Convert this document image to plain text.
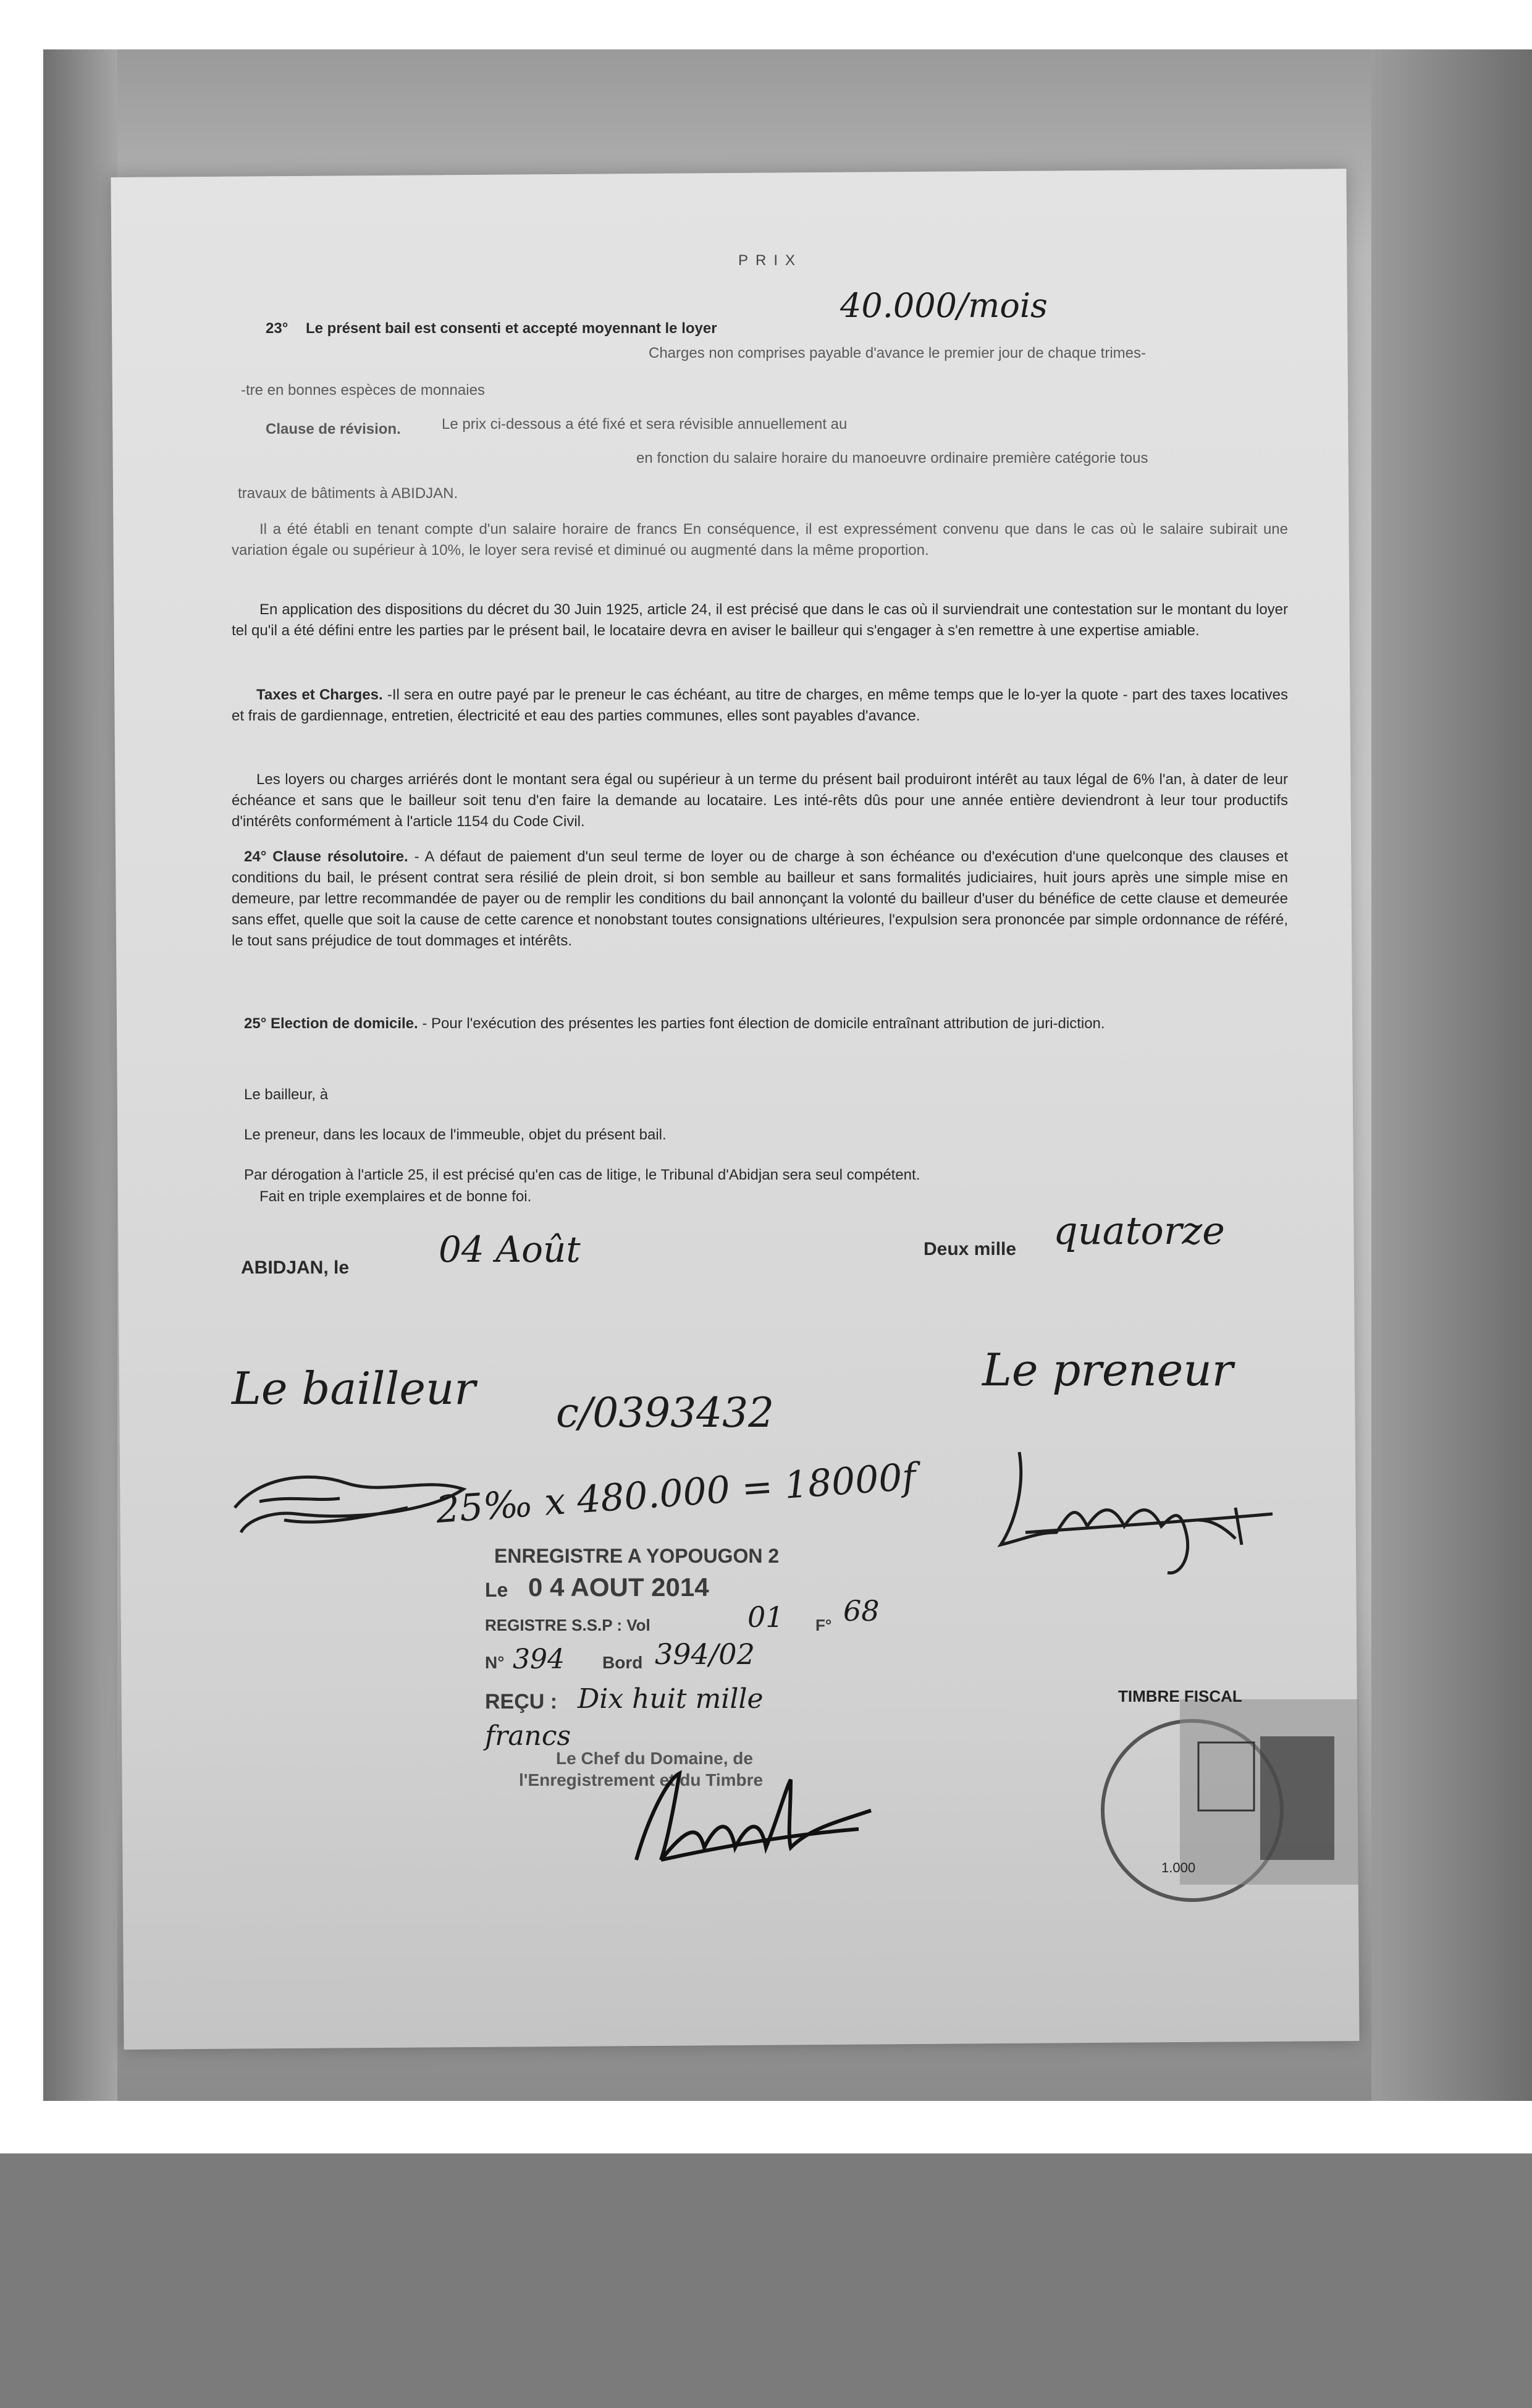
PRIX
23° Le présent bail est consenti et accepté moyennant le loyer
40.000/mois
Charges non comprises payable d'avance le premier jour de chaque trimes-
-tre en bonnes espèces de monnaies
Clause de révision.	Le prix ci-dessous a été fixé et sera révisible annuellement au
en fonction du salaire horaire du manoeuvre ordinaire première catégorie tous
travaux de bâtiments à ABIDJAN.
Il a été établi en tenant compte d'un salaire horaire de francs En conséquence, il est expressément convenu que dans le cas où le salaire subirait une variation égale ou supérieur à 10%, le loyer sera revisé et diminué ou augmenté dans la même proportion.
En application des dispositions du décret du 30 Juin 1925, article 24, il est précisé que dans le cas où il surviendrait une contestation sur le montant du loyer tel qu'il a été défini entre les parties par le présent bail, le locataire devra en aviser le bailleur qui s'engager à s'en remettre à une expertise amiable.
Taxes et Charges. -Il sera en outre payé par le preneur le cas échéant, au titre de charges, en même temps que le lo-yer la quote - part des taxes locatives et frais de gardiennage, entretien, électricité et eau des parties communes, elles sont payables d'avance.
Les loyers ou charges arriérés dont le montant sera égal ou supérieur à un terme du présent bail produiront intérêt au taux légal de 6% l'an, à dater de leur échéance et sans que le bailleur soit tenu d'en faire la demande au locataire. Les inté-rêts dûs pour une année entière deviendront à leur tour productifs d'intérêts conformément à l'article 1154 du Code Civil.
24° Clause résolutoire. - A défaut de paiement d'un seul terme de loyer ou de charge à son échéance ou d'exécution d'une quelconque des clauses et conditions du bail, le présent contrat sera résilié de plein droit, si bon semble au bailleur et sans formalités judiciaires, huit jours après une simple mise en demeure, par lettre recommandée de payer ou de remplir les conditions du bail annonçant la volonté du bailleur d'user du bénéfice de cette clause et demeurée sans effet, quelle que soit la cause de cette carence et nonobstant toutes consignations ultérieures, l'expulsion sera prononcée par simple ordonnance de référé, le tout sans préjudice de tout dommages et intérêts.
25° Election de domicile. - Pour l'exécution des présentes les parties font élection de domicile entraînant attribution de juri-diction.
Le bailleur, à
Le preneur, dans les locaux de l'immeuble, objet du présent bail.
Par dérogation à l'article 25, il est précisé qu'en cas de litige, le Tribunal d'Abidjan sera seul compétent.
Fait en triple exemplaires et de bonne foi.
ABIDJAN, le 04 Août	Deux mille quatorze
Le bailleur c/0393432
Le preneur
25‰ x 480.000 = 18000f
ENREGISTRE A YOPOUGON 2
Le 0 4 AOUT 2014
REGISTRE S.S.P : Vol	01 F° 68
N° 394 Bord 394/02
REÇU : Dix huit mille francs
Le Chef du Domaine, de
l'Enregistrement et du Timbre
TIMBRE FISCAL
1.000
